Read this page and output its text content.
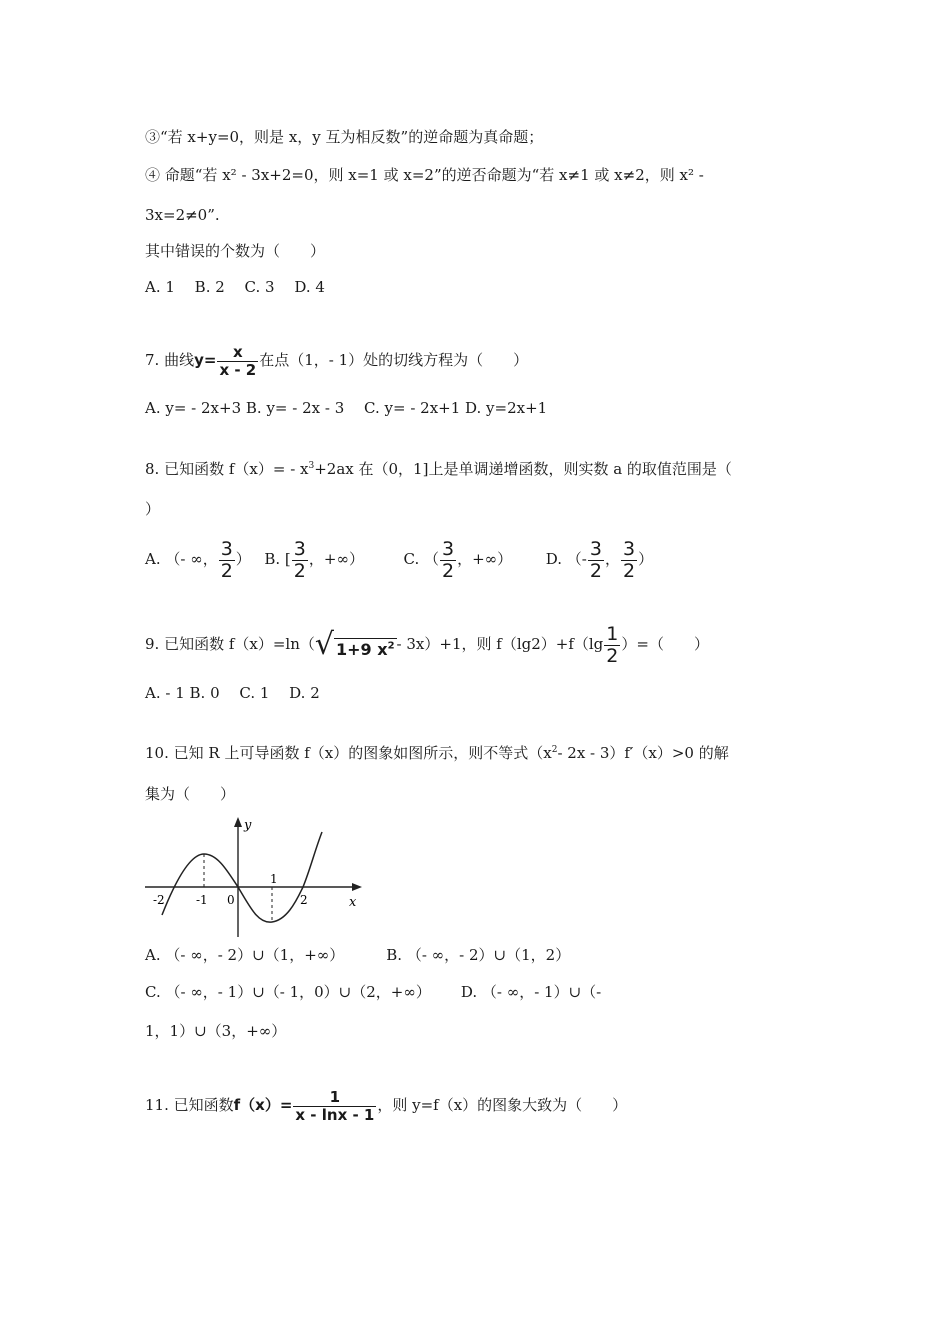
③“若 x+y=0，则是 x，y 互为相反数”的逆命题为真命题；
④ 命题“若 x² - 3x+2=0，则 x=1 或 x=2”的逆否命题为“若 x≠1 或 x≠2，则 x² -
3x=2≠0”.
其中错误的个数为（　　）
A. 1　 B. 2　 C. 3　 D. 4
7. 曲线$y= \frac{x}{x - 2}$ 在点（1，- 1）处的切线方程为（　　）
A. y= - 2x+3 B. y= - 2x - 3　 C. y= - 2x+1 D. y=2x+1
8. 已知函数 $f(x)= - x^3+2ax$ 在（0，1]上是单调递增函数，则实数 a 的取值范围是（
）
A. （- ∞， $\frac{3}{2}$ ） B. [ $\frac{3}{2}$ ，+∞）	C. （ $\frac{3}{2}$ ，+∞） D. （- $\frac{3}{2}$ ， $\frac{3}{2}$ ）
9. 已知函数 f（x）=ln（ √ 1+9 $x^2 - 3x)+1$，则 $f(\lg 2)+f(\lg \frac{1}{2}$ ）=（　　）
A. - 1 B. 0　 C. 1　 D. 2
10. 已知 R 上可导函数 f（x）的图象如图所示，则不等式（$x^2-$ 2x - 3）f′（x）>0 的解
集为（　　）
y
x
-2	-1 0
1
2
A. （- ∞，- 2）∪（1，+∞）	B. （- ∞，- 2）∪（1，2）
C. （- ∞，- 1）∪（- 1，0）∪（2，+∞） D. （- ∞，- 1）∪（-
1，1）∪（3，+∞）
11. 已知函数$f(x)= \frac{1}{x - \ln x - 1}$ ，则 y=f（x）的图象大致为（　　）
